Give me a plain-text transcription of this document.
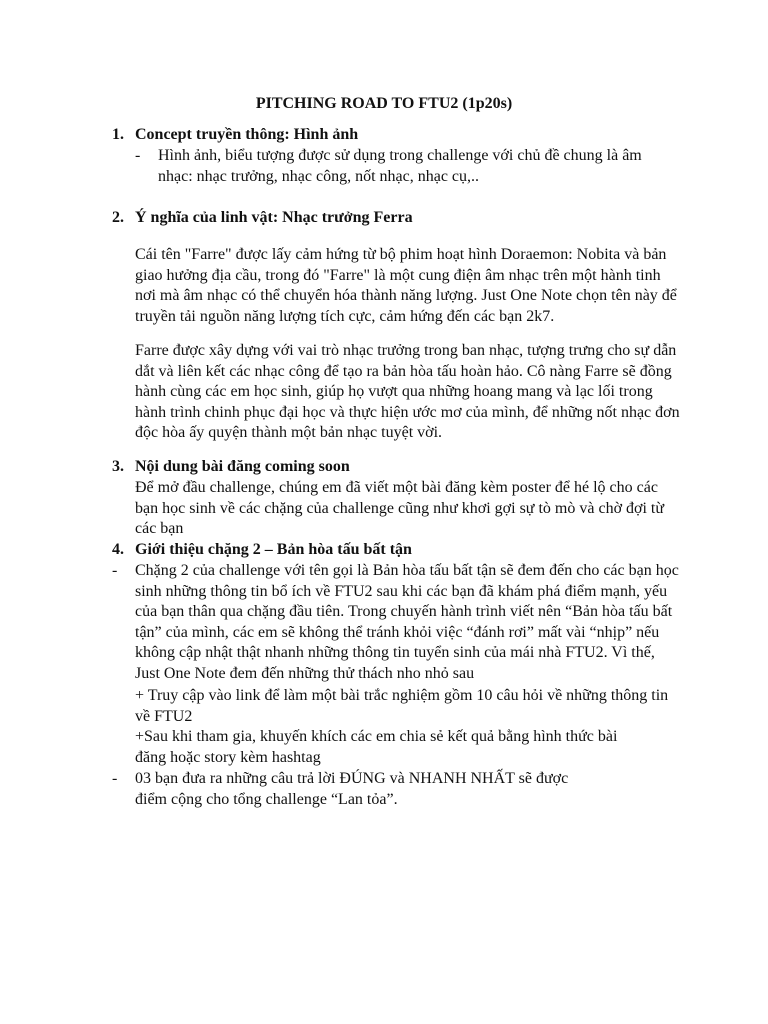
PITCHING ROAD TO FTU2 (1p20s)
1. Concept truyền thông: Hình ảnh
- Hình ảnh, biểu tượng được sử dụng trong challenge với chủ đề chung là âm nhạc: nhạc trưởng, nhạc công, nốt nhạc, nhạc cụ,..
2. Ý nghĩa của linh vật: Nhạc trưởng Ferra
Cái tên "Farre" được lấy cảm hứng từ bộ phim hoạt hình Doraemon: Nobita và bản giao hưởng địa cầu, trong đó "Farre" là một cung điện âm nhạc trên một hành tinh nơi mà âm nhạc có thể chuyển hóa thành năng lượng. Just One Note chọn tên này để truyền tải nguồn năng lượng tích cực, cảm hứng đến các bạn 2k7.
Farre được xây dựng với vai trò nhạc trưởng trong ban nhạc, tượng trưng cho sự dẫn dắt và liên kết các nhạc công để tạo ra bản hòa tấu hoàn hảo. Cô nàng Farre sẽ đồng hành cùng các em học sinh, giúp họ vượt qua những hoang mang và lạc lối trong hành trình chinh phục đại học và thực hiện ước mơ của mình, để những nốt nhạc đơn độc hòa ấy quyện thành một bản nhạc tuyệt vời.
3. Nội dung bài đăng coming soon
Để mở đầu challenge, chúng em đã viết một bài đăng kèm poster để hé lộ cho các bạn học sinh về các chặng của challenge cũng như khơi gợi sự tò mò và chờ đợi từ các bạn
4. Giới thiệu chặng 2 – Bản hòa tấu bất tận
- Chặng 2 của challenge với tên gọi là Bản hòa tấu bất tận sẽ đem đến cho các bạn học sinh những thông tin bổ ích về FTU2 sau khi các bạn đã khám phá điểm mạnh, yếu của bạn thân qua chặng đầu tiên. Trong chuyến hành trình viết nên “Bản hòa tấu bất tận” của mình, các em sẽ không thể tránh khỏi việc “đánh rơi” mất vài “nhịp” nếu không cập nhật thật nhanh những thông tin tuyển sinh của mái nhà FTU2. Vì thế, Just One Note đem đến những thử thách nho nhỏ sau
+ Truy cập vào link để làm một bài trắc nghiệm gồm 10 câu hỏi về những thông tin về FTU2
+Sau khi tham gia, khuyến khích các em chia sẻ kết quả bằng hình thức bài
đăng hoặc story kèm hashtag
- 03 bạn đưa ra những câu trả lời ĐÚNG và NHANH NHẤT sẽ được
điểm cộng cho tổng challenge “Lan tỏa”.
